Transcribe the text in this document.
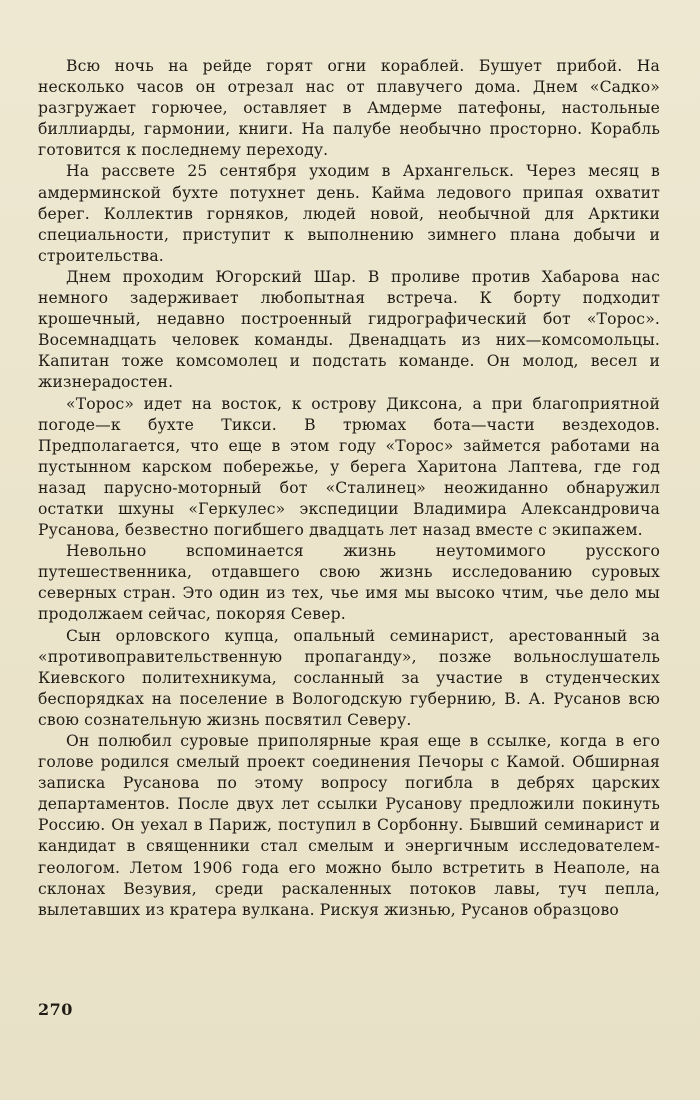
Всю ночь на рейде горят огни кораблей. Бушует прибой. На несколько часов он отрезал нас от плавучего дома. Днем «Садко» разгружает горючее, оставляет в Амдерме патефоны, настольные биллиарды, гармонии, книги. На палубе необычно просторно. Корабль готовится к последнему переходу.

На рассвете 25 сентября уходим в Архангельск. Через месяц в амдерминской бухте потухнет день. Кайма ледового припая охватит берег. Коллектив горняков, людей новой, необычной для Арктики специальности, приступит к выполнению зимнего плана добычи и строительства.

Днем проходим Югорский Шар. В проливе против Хабарова нас немного задерживает любопытная встреча. К борту подходит крошечный, недавно построенный гидрографический бот «Торос». Восемнадцать человек команды. Двенадцать из них—комсомольцы. Капитан тоже комсомолец и подстать команде. Он молод, весел и жизнерадостен.

«Торос» идет на восток, к острову Диксона, а при благоприятной погоде—к бухте Тикси. В трюмах бота—части вездеходов. Предполагается, что еще в этом году «Торос» займется работами на пустынном карском побережье, у берега Харитона Лаптева, где год назад парусно-моторный бот «Сталинец» неожиданно обнаружил остатки шхуны «Геркулес» экспедиции Владимира Александровича Русанова, безвестно погибшего двадцать лет назад вместе с экипажем.

Невольно вспоминается жизнь неутомимого русского путешественника, отдавшего свою жизнь исследованию суровых северных стран. Это один из тех, чье имя мы высоко чтим, чье дело мы продолжаем сейчас, покоряя Север.

Сын орловского купца, опальный семинарист, арестованный за «противоправительственную пропаганду», позже вольнослушатель Киевского политехникума, сосланный за участие в студенческих беспорядках на поселение в Вологодскую губернию, В. А. Русанов всю свою сознательную жизнь посвятил Северу.

Он полюбил суровые приполярные края еще в ссылке, когда в его голове родился смелый проект соединения Печоры с Камой. Обширная записка Русанова по этому вопросу погибла в дебрях царских департаментов. После двух лет ссылки Русанову предложили покинуть Россию. Он уехал в Париж, поступил в Сорбонну. Бывший семинарист и кандидат в священники стал смелым и энергичным исследователем-геологом. Летом 1906 года его можно было встретить в Неаполе, на склонах Везувия, среди раскаленных потоков лавы, туч пепла, вылетавших из кратера вулкана. Рискуя жизнью, Русанов образцово

270
